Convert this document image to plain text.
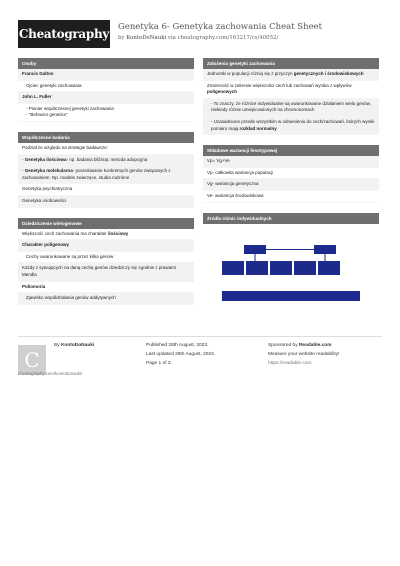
Cheatography Genetyka 6- Genetyka zachowania Cheat Sheet
by KontoDoNauki via cheatography.com/163217/cs/40052/
Osoby
Francis Galton
Ojciec genetyki zachowania
John L. Fuller
- Pionier współczesnej genetyki zachowania
- "Behavior genetics"
Współczesne badania
Podział ze względu na strategie badawcze:
- Genetyka ilościowa- np. badania bliźniąt, metoda adopcyjna
- Genetyka molekularna- poszukiwanie konkretnych genów związanych z zachowaniem. Np. modele zwierzęce, studia rodzinne
Genetyka psychiatryczna
Genetyka osobowości
Dziedziczenie wielogenowe
Większość cech zachowania ma charakter ilościowy
Charakter poligenowy
Cechy uwarunkowane są przez kilka genów
Każdy z sytuujących na daną cechę genów dziedziczy się zgodnie z prawami Mendla
Poliomoria
Zjawisko współdziałania genów addytywnych
Założenia genetyki zachowania
Jednostki w populacji różnią się z przyczyn genetycznych i środowiskowych
Zmienność w zakresie większości cech lub zachowań wynika z wpływów poligenowych
- To znaczy, że różnice indywidualne są uwarunkowane działaniem wielu genów, niekiedy różnie umiejscowionych na chromosomach
- Uzasadnione przede wszystkim w odniesieniu do cech/zachowań, których wyniki pomiaru mają rozkład normalny
Składowe wariancji fenotypowej
Vp= Vg+Ve
Vp- całkowita wariancja populacji
Vg- wariancja genetyczna
Ve- wariancja środowiskowa
Źródła różnic indywidualnych
C
By KontoDoNauki	Published 28th August, 2023.
Last updated 28th August, 2023.
Page 1 of 3.
Sponsored by Readable.com
Measure your website readability!
https://readable.com
cheatography.com/kontodonauki/
